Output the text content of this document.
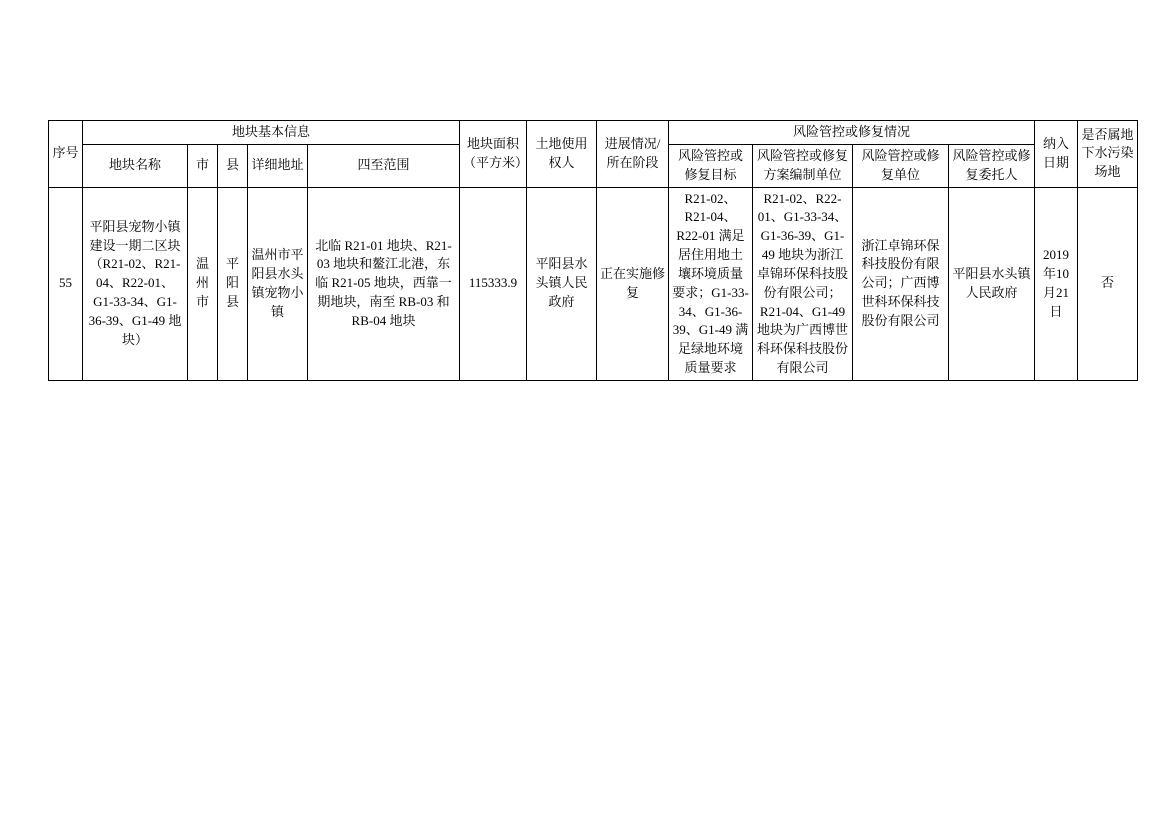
序号	地块基本信息					地块面积（平方米）	土地使用权人	进展情况/所在阶段	风险管控或修复情况				纳入日期	是否属地下水污染场地
	地块名称	市	县	详细地址	四至范围				风险管控或修复目标	风险管控或修复方案编制单位	风险管控或修复单位	风险管控或修复委托人		
55	平阳县宠物小镇建设一期二区块（R21-02、R21-04、R22-01、G1-33-34、G1-36-39、G1-49 地块）	温州市	平阳县	温州市平阳县水头镇宠物小镇	北临 R21-01 地块、R21-03 地块和鳌江北港，东临 R21-05 地块，西靠一期地块，南至 RB-03 和 RB-04 地块	115333.9	平阳县水头镇人民政府	正在实施修复	R21-02、R21-04、R22-01 满足居住用地土壤环境质量要求；G1-33-34、G1-36-39、G1-49 满足绿地环境质量要求	R21-02、R22-01、G1-33-34、G1-36-39、G1-49 地块为浙江卓锦环保科技股份有限公司；R21-04、G1-49 地块为广西博世科环保科技股份有限公司	浙江卓锦环保科技股份有限公司；广西博世科环保科技股份有限公司	平阳县水头镇人民政府	2019年10月21日	否
